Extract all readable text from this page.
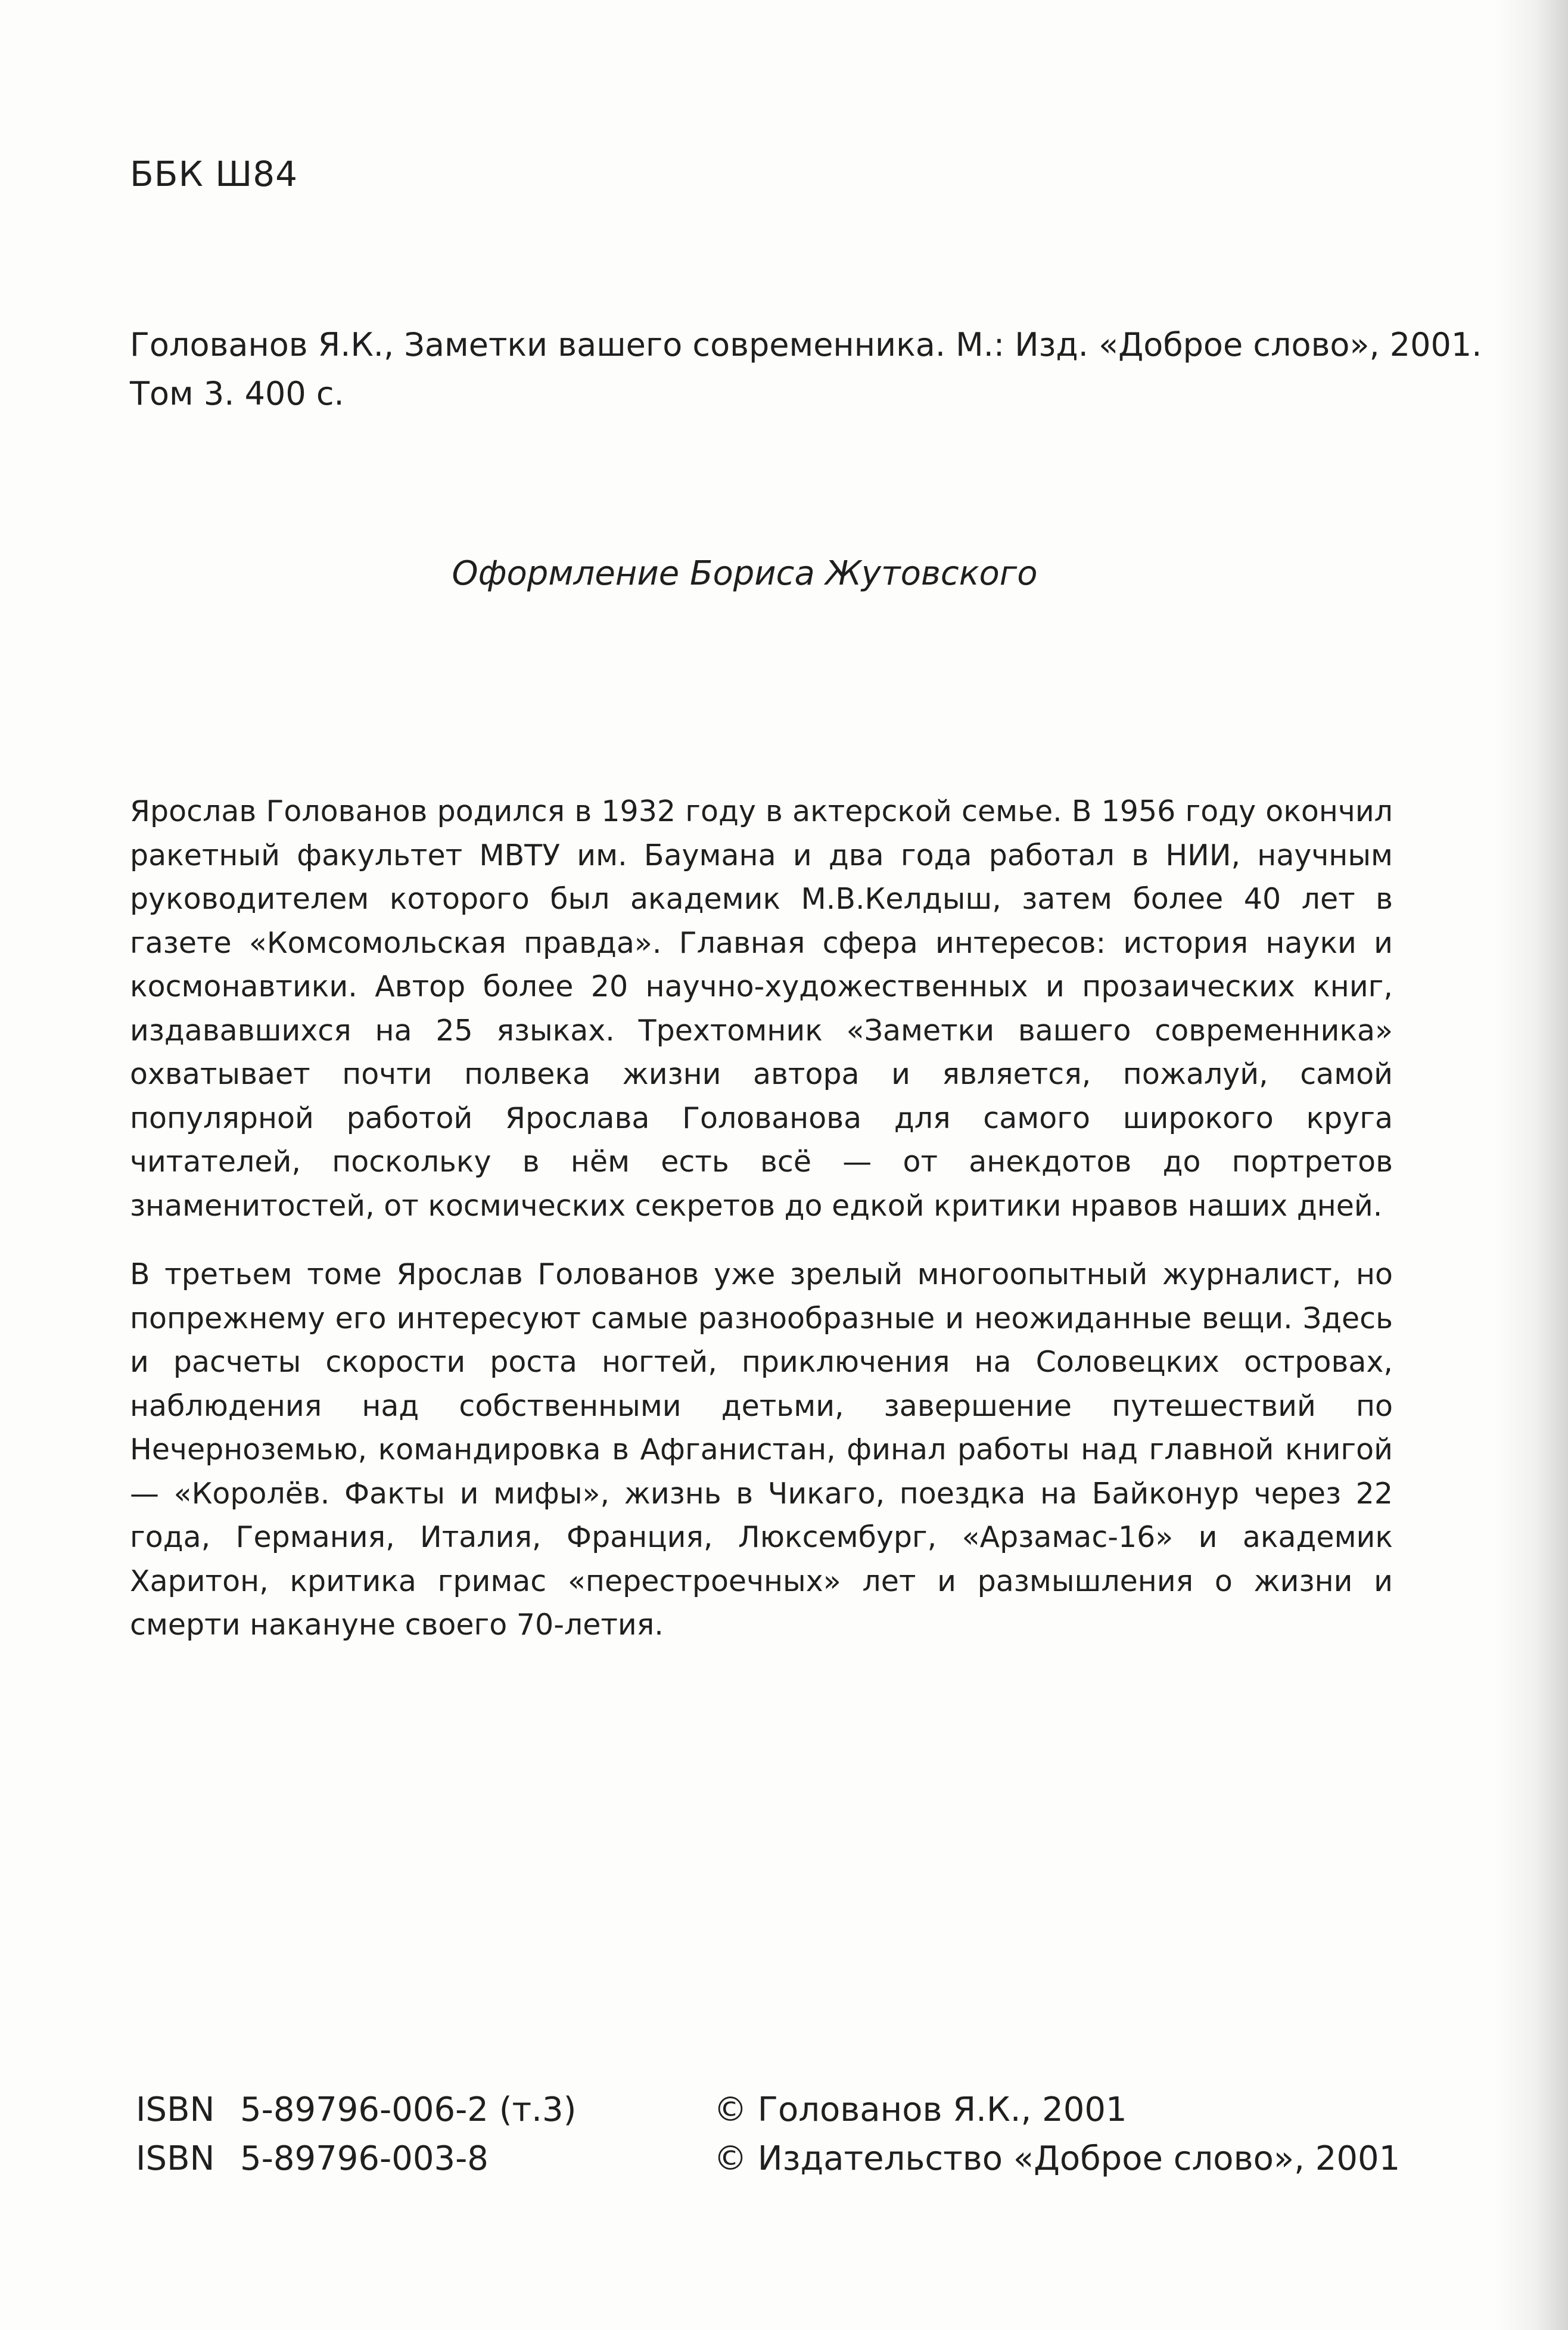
ББК Ш84
Голованов Я.К., Заметки вашего современника. М.: Изд. «Доброе слово», 2001.
Том 3. 400 с.
Оформление Бориса Жутовского

Ярослав Голованов родился в 1932 году в актерской семье. В 1956 году окончил ракетный факультет МВТУ им. Баумана и два года работал в НИИ, научным руководителем которого был академик М.В.Келдыш, затем более 40 лет в газете «Комсомольская правда». Главная сфера интересов: история науки и космонавтики. Автор более 20 научно-художественных и прозаических книг, издававшихся на 25 языках. Трехтомник «Заметки вашего современника» охватывает почти полвека жизни автора и является, пожалуй, самой популярной работой Ярослава Голованова для самого широкого круга читателей, поскольку в нём есть всё — от анекдотов до портретов знаменитостей, от космических секретов до едкой критики нравов наших дней.

В третьем томе Ярослав Голованов уже зрелый многоопытный журналист, но попрежнему его интересуют самые разнообразные и неожиданные вещи. Здесь и расчеты скорости роста ногтей, приключения на Соловецких островах, наблюдения над собственными детьми, завершение путешествий по Нечерноземью, командировка в Афганистан, финал работы над главной книгой — «Королёв. Факты и мифы», жизнь в Чикаго, поездка на Байконур через 22 года, Германия, Италия, Франция, Люксембург, «Арзамас-16» и академик Харитон, критика гримас «перестроечных» лет и размышления о жизни и смерти накануне своего 70-летия.

ISBN 5-89796-006-2 (т.3)
ISBN 5-89796-003-8
© Голованов Я.К., 2001
© Издательство «Доброе слово», 2001
